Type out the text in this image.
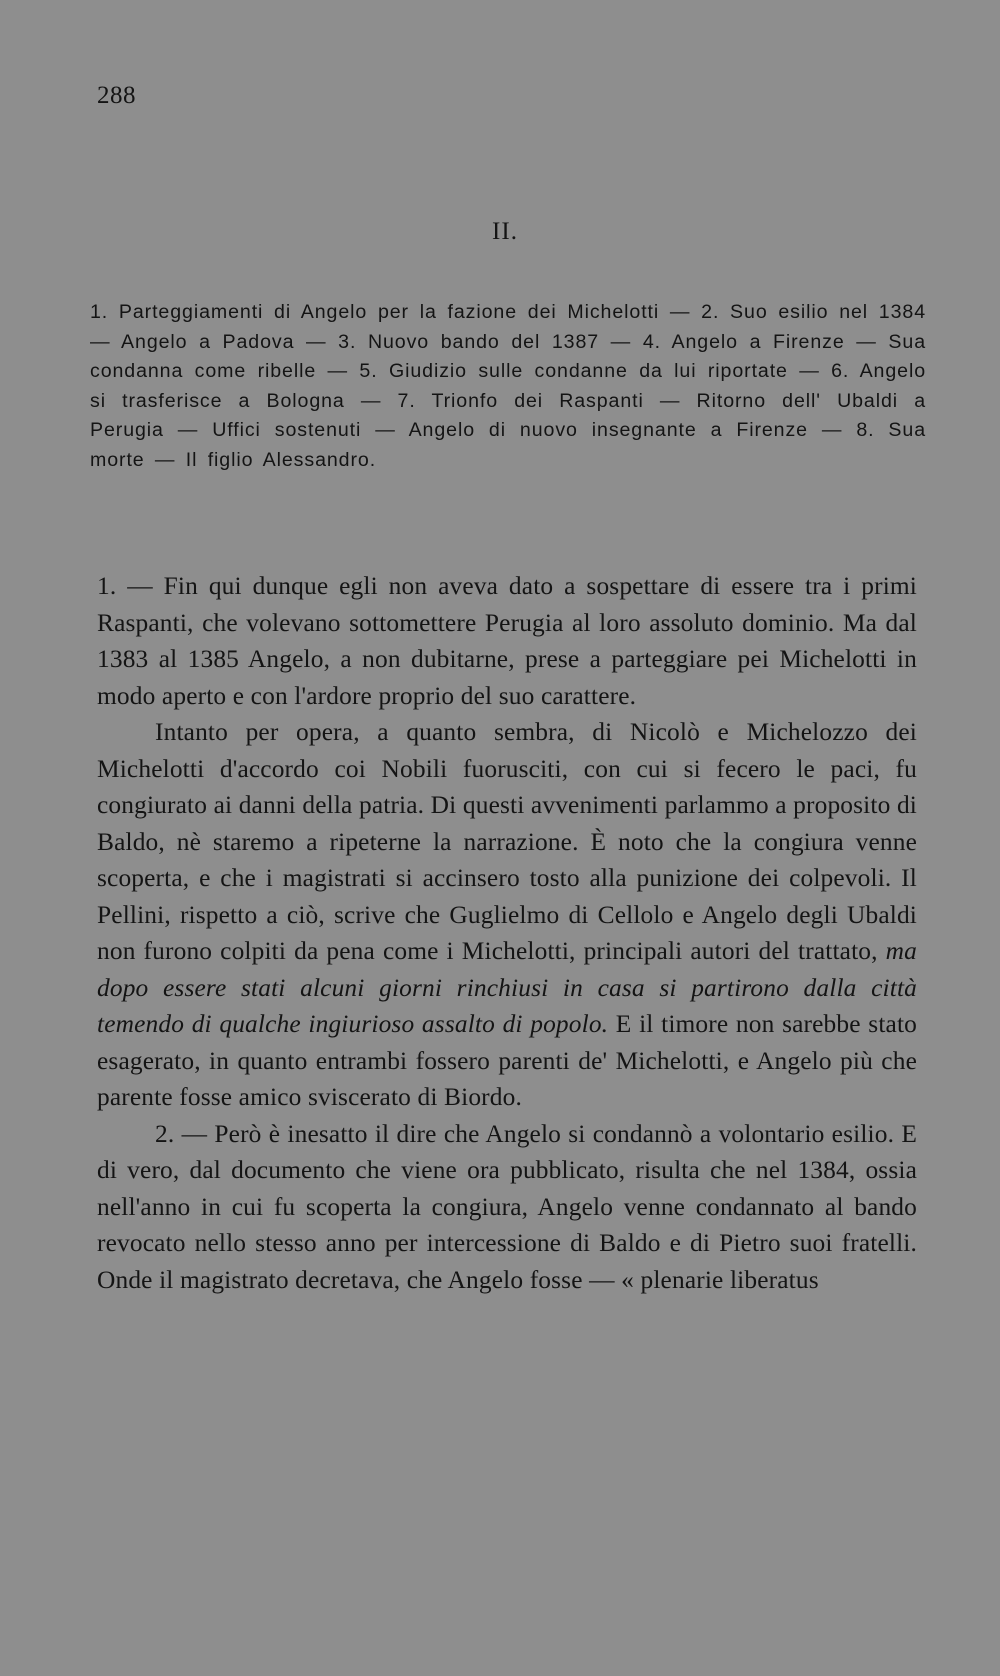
288
II.

1. Parteggiamenti di Angelo per la fazione dei Michelotti — 2. Suo esilio nel 1384 — Angelo a Padova — 3. Nuovo bando del 1387 — 4. Angelo a Firenze — Sua condanna come ribelle — 5. Giudizio sulle condanne da lui riportate — 6. Angelo si trasferisce a Bologna — 7. Trionfo dei Raspanti — Ritorno dell' Ubaldi a Perugia — Uffici sostenuti — Angelo di nuovo insegnante a Firenze — 8. Sua morte — Il figlio Alessandro.

1. — Fin qui dunque egli non aveva dato a sospettare di essere tra i primi Raspanti, che volevano sottomettere Perugia al loro assoluto dominio. Ma dal 1383 al 1385 Angelo, a non dubitarne, prese a parteggiare pei Michelotti in modo aperto e con l'ardore proprio del suo carattere.

Intanto per opera, a quanto sembra, di Nicolò e Michelozzo dei Michelotti d'accordo coi Nobili fuorusciti, con cui si fecero le paci, fu congiurato ai danni della patria. Di questi avvenimenti parlammo a proposito di Baldo, nè staremo a ripeterne la narrazione. È noto che la congiura venne scoperta, e che i magistrati si accinsero tosto alla punizione dei colpevoli. Il Pellini, rispetto a ciò, scrive che Guglielmo di Cellolo e Angelo degli Ubaldi non furono colpiti da pena come i Michelotti, principali autori del trattato, ma dopo essere stati alcuni giorni rinchiusi in casa si partirono dalla città temendo di qualche ingiurioso assalto di popolo. E il timore non sarebbe stato esagerato, in quanto entrambi fossero parenti de' Michelotti, e Angelo più che parente fosse amico sviscerato di Biordo.

2. — Però è inesatto il dire che Angelo si condannò a volontario esilio. E di vero, dal documento che viene ora pubblicato, risulta che nel 1384, ossia nell'anno in cui fu scoperta la congiura, Angelo venne condannato al bando revocato nello stesso anno per intercessione di Baldo e di Pietro suoi fratelli. Onde il magistrato decretava, che Angelo fosse — « plenarie liberatus
